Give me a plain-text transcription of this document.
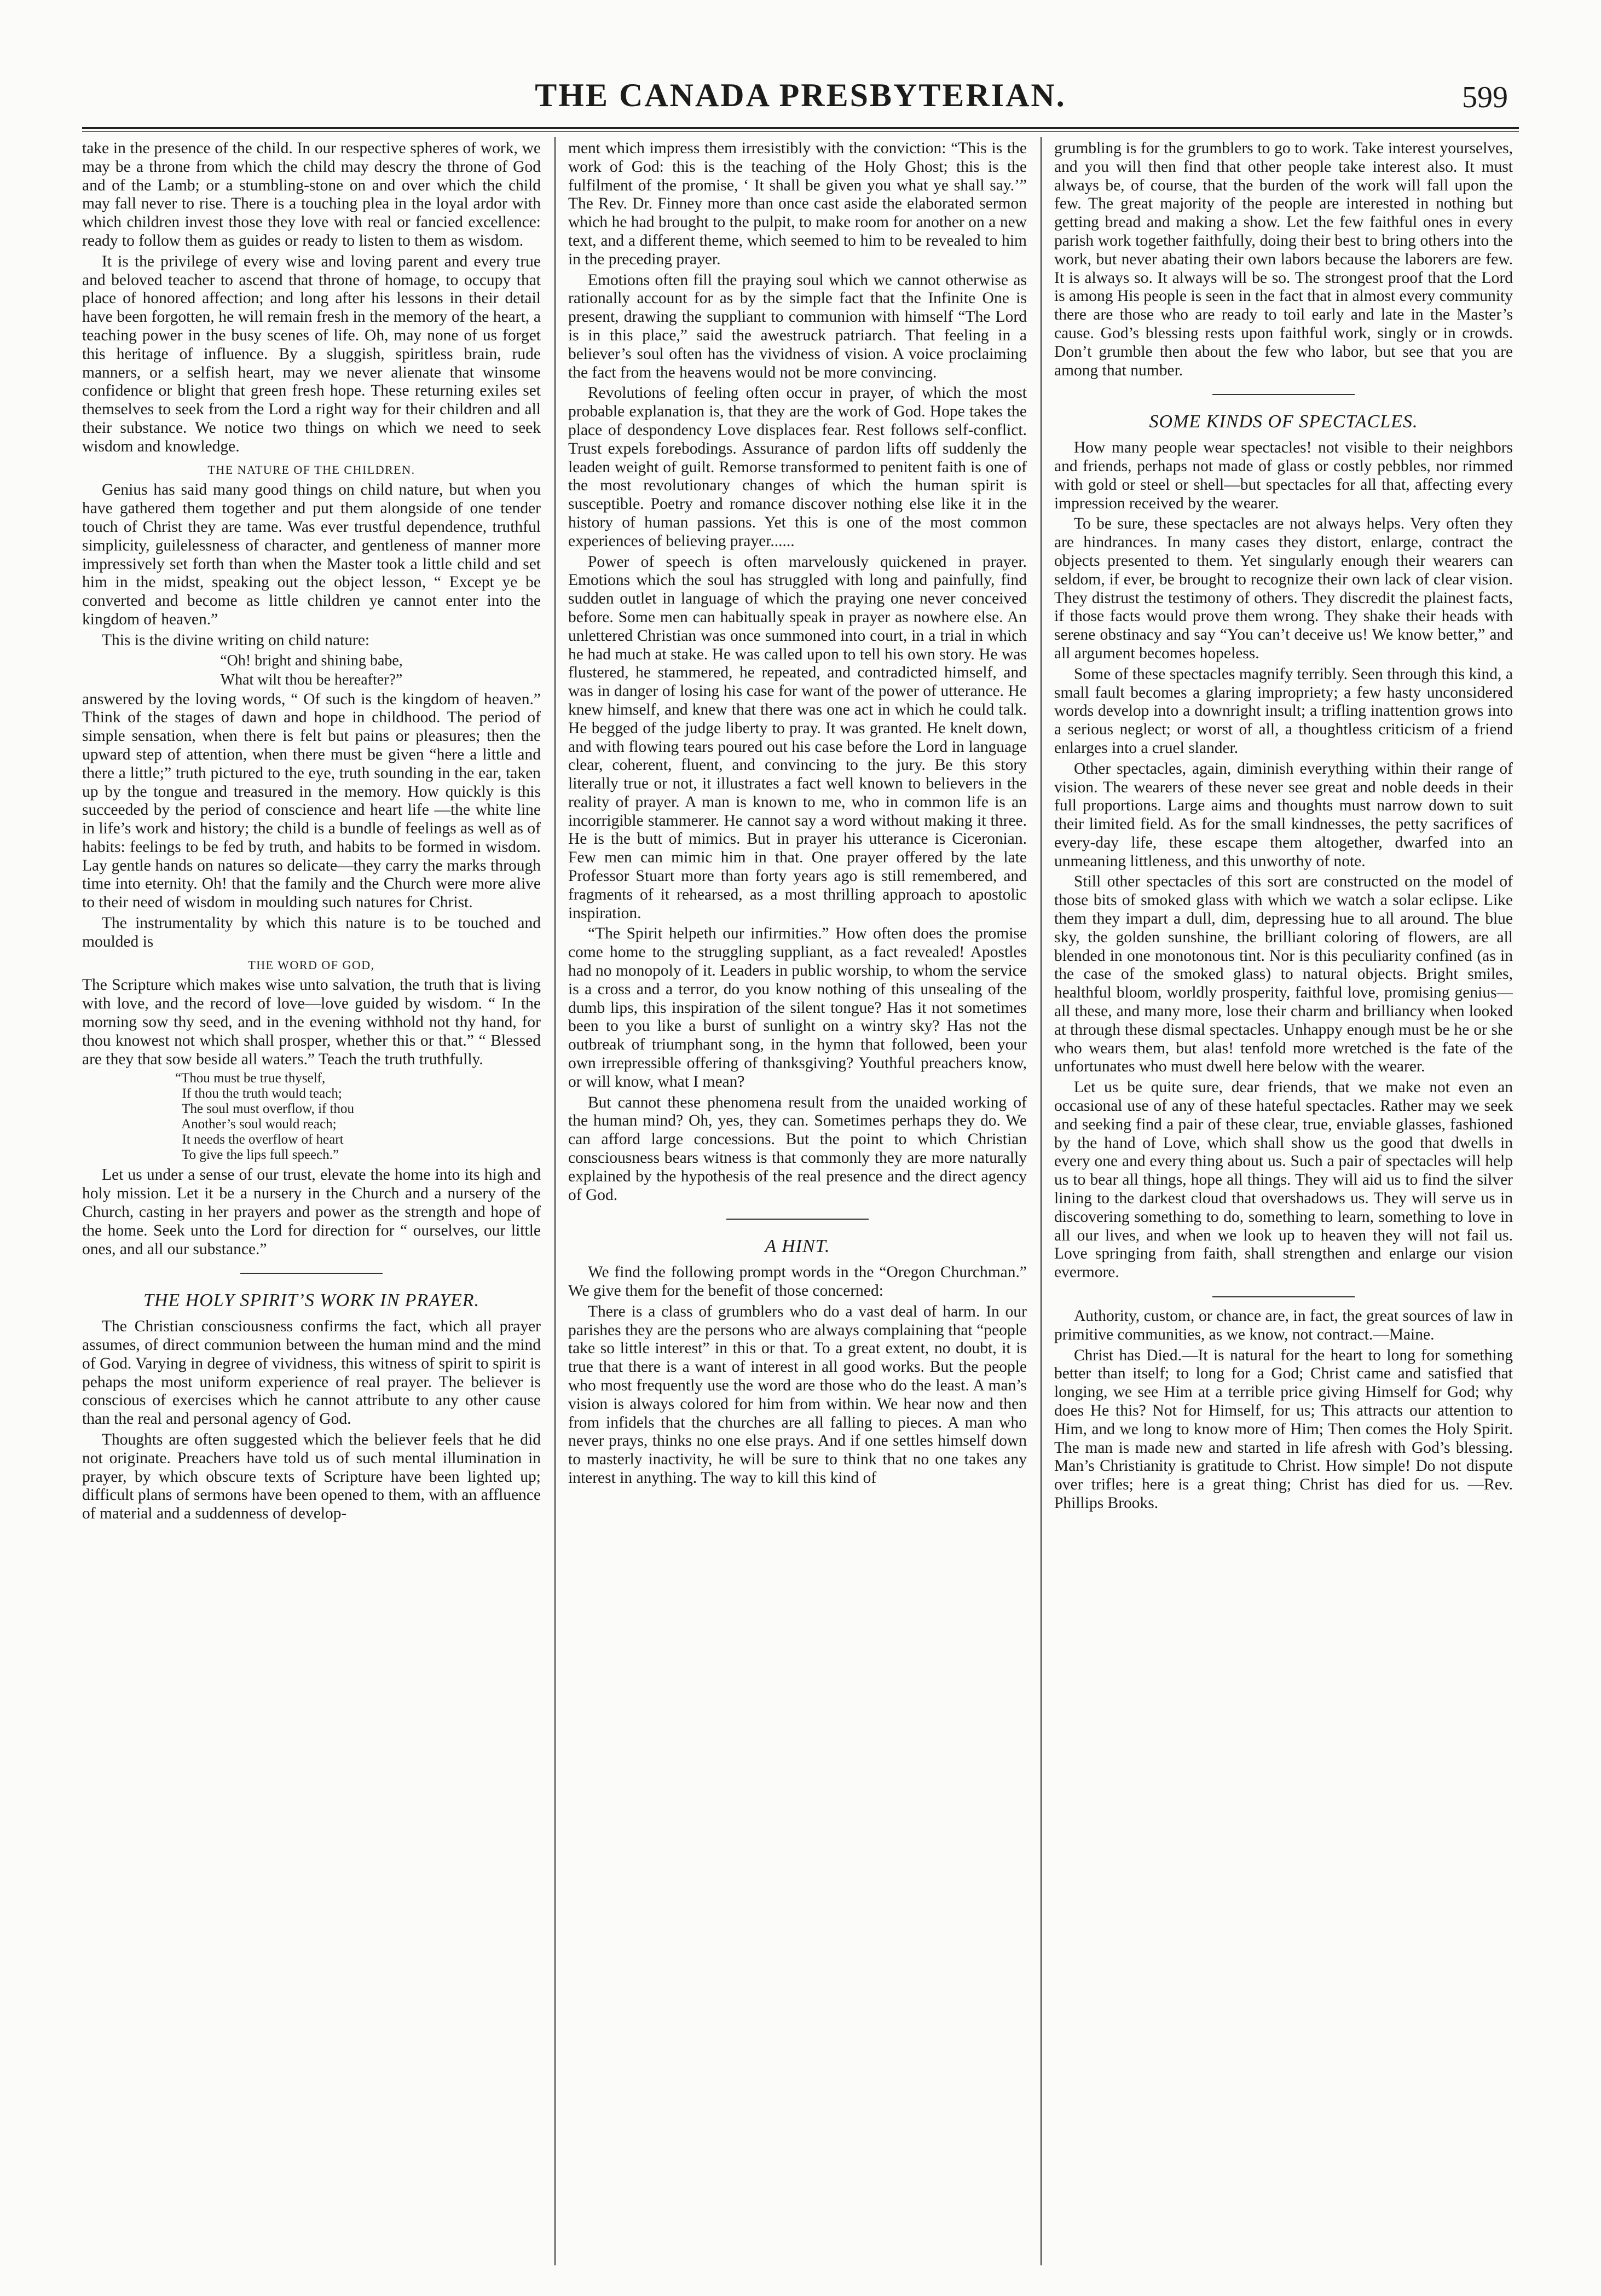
THE CANADA PRESBYTERIAN.	599

take in the presence of the child. In our respective spheres of work, we may be a throne from which the child may descry the throne of God and of the Lamb; or a stumbling-stone on and over which the child may fall never to rise. There is a touching plea in the loyal ardor with which children invest those they love with real or fancied excellence: ready to follow them as guides or ready to listen to them as wisdom.

It is the privilege of every wise and loving parent and every true and beloved teacher to ascend that throne of homage, to occupy that place of honored affection; and long after his lessons in their detail have been forgotten, he will remain fresh in the memory of the heart, a teaching power in the busy scenes of life. Oh, may none of us forget this heritage of influence. By a sluggish, spiritless brain, rude manners, or a selfish heart, may we never alienate that winsome confidence or blight that green fresh hope. These returning exiles set themselves to seek from the Lord a right way for their children and all their substance. We notice two things on which we need to seek wisdom and knowledge.

THE NATURE OF THE CHILDREN.

Genius has said many good things on child nature, but when you have gathered them together and put them alongside of one tender touch of Christ they are tame. Was ever trustful dependence, truthful simplicity, guilelessness of character, and gentleness of manner more impressively set forth than when the Master took a little child and set him in the midst, speaking out the object lesson, “ Except ye be converted and become as little children ye cannot enter into the kingdom of heaven.”

This is the divine writing on child nature:

“Oh! bright and shining babe,
What wilt thou be hereafter?”

answered by the loving words, “ Of such is the kingdom of heaven.” Think of the stages of dawn and hope in childhood. The period of simple sensation, when there is felt but pains or pleasures; then the upward step of attention, when there must be given “here a little and there a little;” truth pictured to the eye, truth sounding in the ear, taken up by the tongue and treasured in the memory. How quickly is this succeeded by the period of conscience and heart life —the white line in life’s work and history; the child is a bundle of feelings as well as of habits: feelings to be fed by truth, and habits to be formed in wisdom. Lay gentle hands on natures so delicate—they carry the marks through time into eternity. Oh! that the family and the Church were more alive to their need of wisdom in moulding such natures for Christ.

The instrumentality by which this nature is to be touched and moulded is

THE WORD OF GOD,

The Scripture which makes wise unto salvation, the truth that is living with love, and the record of love—love guided by wisdom. “ In the morning sow thy seed, and in the evening withhold not thy hand, for thou knowest not which shall prosper, whether this or that.” “ Blessed are they that sow beside all waters.” Teach the truth truthfully.

“Thou must be true thyself,
If thou the truth would teach;
The soul must overflow, if thou
Another’s soul would reach;
It needs the overflow of heart
To give the lips full speech.”

Let us under a sense of our trust, elevate the home into its high and holy mission. Let it be a nursery in the Church and a nursery of the Church, casting in her prayers and power as the strength and hope of the home. Seek unto the Lord for direction for “ ourselves, our little ones, and all our substance.”

THE HOLY SPIRIT’S WORK IN PRAYER.

The Christian consciousness confirms the fact, which all prayer assumes, of direct communion between the human mind and the mind of God. Varying in degree of vividness, this witness of spirit to spirit is pehaps the most uniform experience of real prayer. The believer is conscious of exercises which he cannot attribute to any other cause than the real and personal agency of God.

Thoughts are often suggested which the believer feels that he did not originate. Preachers have told us of such mental illumination in prayer, by which obscure texts of Scripture have been lighted up; difficult plans of sermons have been opened to them, with an affluence of material and a suddenness of develop-

ment which impress them irresistibly with the conviction: “This is the work of God: this is the teaching of the Holy Ghost; this is the fulfilment of the promise, ‘ It shall be given you what ye shall say.’” The Rev. Dr. Finney more than once cast aside the elaborated sermon which he had brought to the pulpit, to make room for another on a new text, and a different theme, which seemed to him to be revealed to him in the preceding prayer.

Emotions often fill the praying soul which we cannot otherwise as rationally account for as by the simple fact that the Infinite One is present, drawing the suppliant to communion with himself “The Lord is in this place,” said the awestruck patriarch. That feeling in a believer’s soul often has the vividness of vision. A voice proclaiming the fact from the heavens would not be more convincing.

Revolutions of feeling often occur in prayer, of which the most probable explanation is, that they are the work of God. Hope takes the place of despondency Love displaces fear. Rest follows self-conflict. Trust expels forebodings. Assurance of pardon lifts off suddenly the leaden weight of guilt. Remorse transformed to penitent faith is one of the most revolutionary changes of which the human spirit is susceptible. Poetry and romance discover nothing else like it in the history of human passions. Yet this is one of the most common experiences of believing prayer......

Power of speech is often marvelously quickened in prayer. Emotions which the soul has struggled with long and painfully, find sudden outlet in language of which the praying one never conceived before. Some men can habitually speak in prayer as nowhere else. An unlettered Christian was once summoned into court, in a trial in which he had much at stake. He was called upon to tell his own story. He was flustered, he stammered, he repeated, and contradicted himself, and was in danger of losing his case for want of the power of utterance. He knew himself, and knew that there was one act in which he could talk. He begged of the judge liberty to pray. It was granted. He knelt down, and with flowing tears poured out his case before the Lord in language clear, coherent, fluent, and convincing to the jury. Be this story literally true or not, it illustrates a fact well known to believers in the reality of prayer. A man is known to me, who in common life is an incorrigible stammerer. He cannot say a word without making it three. He is the butt of mimics. But in prayer his utterance is Ciceronian. Few men can mimic him in that. One prayer offered by the late Professor Stuart more than forty years ago is still remembered, and fragments of it rehearsed, as a most thrilling approach to apostolic inspiration.

“The Spirit helpeth our infirmities.” How often does the promise come home to the struggling suppliant, as a fact revealed! Apostles had no monopoly of it. Leaders in public worship, to whom the service is a cross and a terror, do you know nothing of this unsealing of the dumb lips, this inspiration of the silent tongue? Has it not sometimes been to you like a burst of sunlight on a wintry sky? Has not the outbreak of triumphant song, in the hymn that followed, been your own irrepressible offering of thanksgiving? Youthful preachers know, or will know, what I mean?

But cannot these phenomena result from the unaided working of the human mind? Oh, yes, they can. Sometimes perhaps they do. We can afford large concessions. But the point to which Christian consciousness bears witness is that commonly they are more naturally explained by the hypothesis of the real presence and the direct agency of God.

A HINT.

We find the following prompt words in the “Oregon Churchman.” We give them for the benefit of those concerned:

There is a class of grumblers who do a vast deal of harm. In our parishes they are the persons who are always complaining that “people take so little interest” in this or that. To a great extent, no doubt, it is true that there is a want of interest in all good works. But the people who most frequently use the word are those who do the least. A man’s vision is always colored for him from within. We hear now and then from infidels that the churches are all falling to pieces. A man who never prays, thinks no one else prays. And if one settles himself down to masterly inactivity, he will be sure to think that no one takes any interest in anything. The way to kill this kind of

grumbling is for the grumblers to go to work. Take interest yourselves, and you will then find that other people take interest also. It must always be, of course, that the burden of the work will fall upon the few. The great majority of the people are interested in nothing but getting bread and making a show. Let the few faithful ones in every parish work together faithfully, doing their best to bring others into the work, but never abating their own labors because the laborers are few. It is always so. It always will be so. The strongest proof that the Lord is among His people is seen in the fact that in almost every community there are those who are ready to toil early and late in the Master’s cause. God’s blessing rests upon faithful work, singly or in crowds. Don’t grumble then about the few who labor, but see that you are among that number.

SOME KINDS OF SPECTACLES.

How many people wear spectacles! not visible to their neighbors and friends, perhaps not made of glass or costly pebbles, nor rimmed with gold or steel or shell—but spectacles for all that, affecting every impression received by the wearer.

To be sure, these spectacles are not always helps. Very often they are hindrances. In many cases they distort, enlarge, contract the objects presented to them. Yet singularly enough their wearers can seldom, if ever, be brought to recognize their own lack of clear vision. They distrust the testimony of others. They discredit the plainest facts, if those facts would prove them wrong. They shake their heads with serene obstinacy and say “You can’t deceive us! We know better,” and all argument becomes hopeless.

Some of these spectacles magnify terribly. Seen through this kind, a small fault becomes a glaring impropriety; a few hasty unconsidered words develop into a downright insult; a trifling inattention grows into a serious neglect; or worst of all, a thoughtless criticism of a friend enlarges into a cruel slander.

Other spectacles, again, diminish everything within their range of vision. The wearers of these never see great and noble deeds in their full proportions. Large aims and thoughts must narrow down to suit their limited field. As for the small kindnesses, the petty sacrifices of every-day life, these escape them altogether, dwarfed into an unmeaning littleness, and this unworthy of note.

Still other spectacles of this sort are constructed on the model of those bits of smoked glass with which we watch a solar eclipse. Like them they impart a dull, dim, depressing hue to all around. The blue sky, the golden sunshine, the brilliant coloring of flowers, are all blended in one monotonous tint. Nor is this peculiarity confined (as in the case of the smoked glass) to natural objects. Bright smiles, healthful bloom, worldly prosperity, faithful love, promising genius—all these, and many more, lose their charm and brilliancy when looked at through these dismal spectacles. Unhappy enough must be he or she who wears them, but alas! tenfold more wretched is the fate of the unfortunates who must dwell here below with the wearer.

Let us be quite sure, dear friends, that we make not even an occasional use of any of these hateful spectacles. Rather may we seek and seeking find a pair of these clear, true, enviable glasses, fashioned by the hand of Love, which shall show us the good that dwells in every one and every thing about us. Such a pair of spectacles will help us to bear all things, hope all things. They will aid us to find the silver lining to the darkest cloud that overshadows us. They will serve us in discovering something to do, something to learn, something to love in all our lives, and when we look up to heaven they will not fail us. Love springing from faith, shall strengthen and enlarge our vision evermore.

Authority, custom, or chance are, in fact, the great sources of law in primitive communities, as we know, not contract.—Maine.

Christ has Died.—It is natural for the heart to long for something better than itself; to long for a God; Christ came and satisfied that longing, we see Him at a terrible price giving Himself for God; why does He this? Not for Himself, for us; This attracts our attention to Him, and we long to know more of Him; Then comes the Holy Spirit. The man is made new and started in life afresh with God’s blessing. Man’s Christianity is gratitude to Christ. How simple! Do not dispute over trifles; here is a great thing; Christ has died for us. —Rev. Phillips Brooks.
